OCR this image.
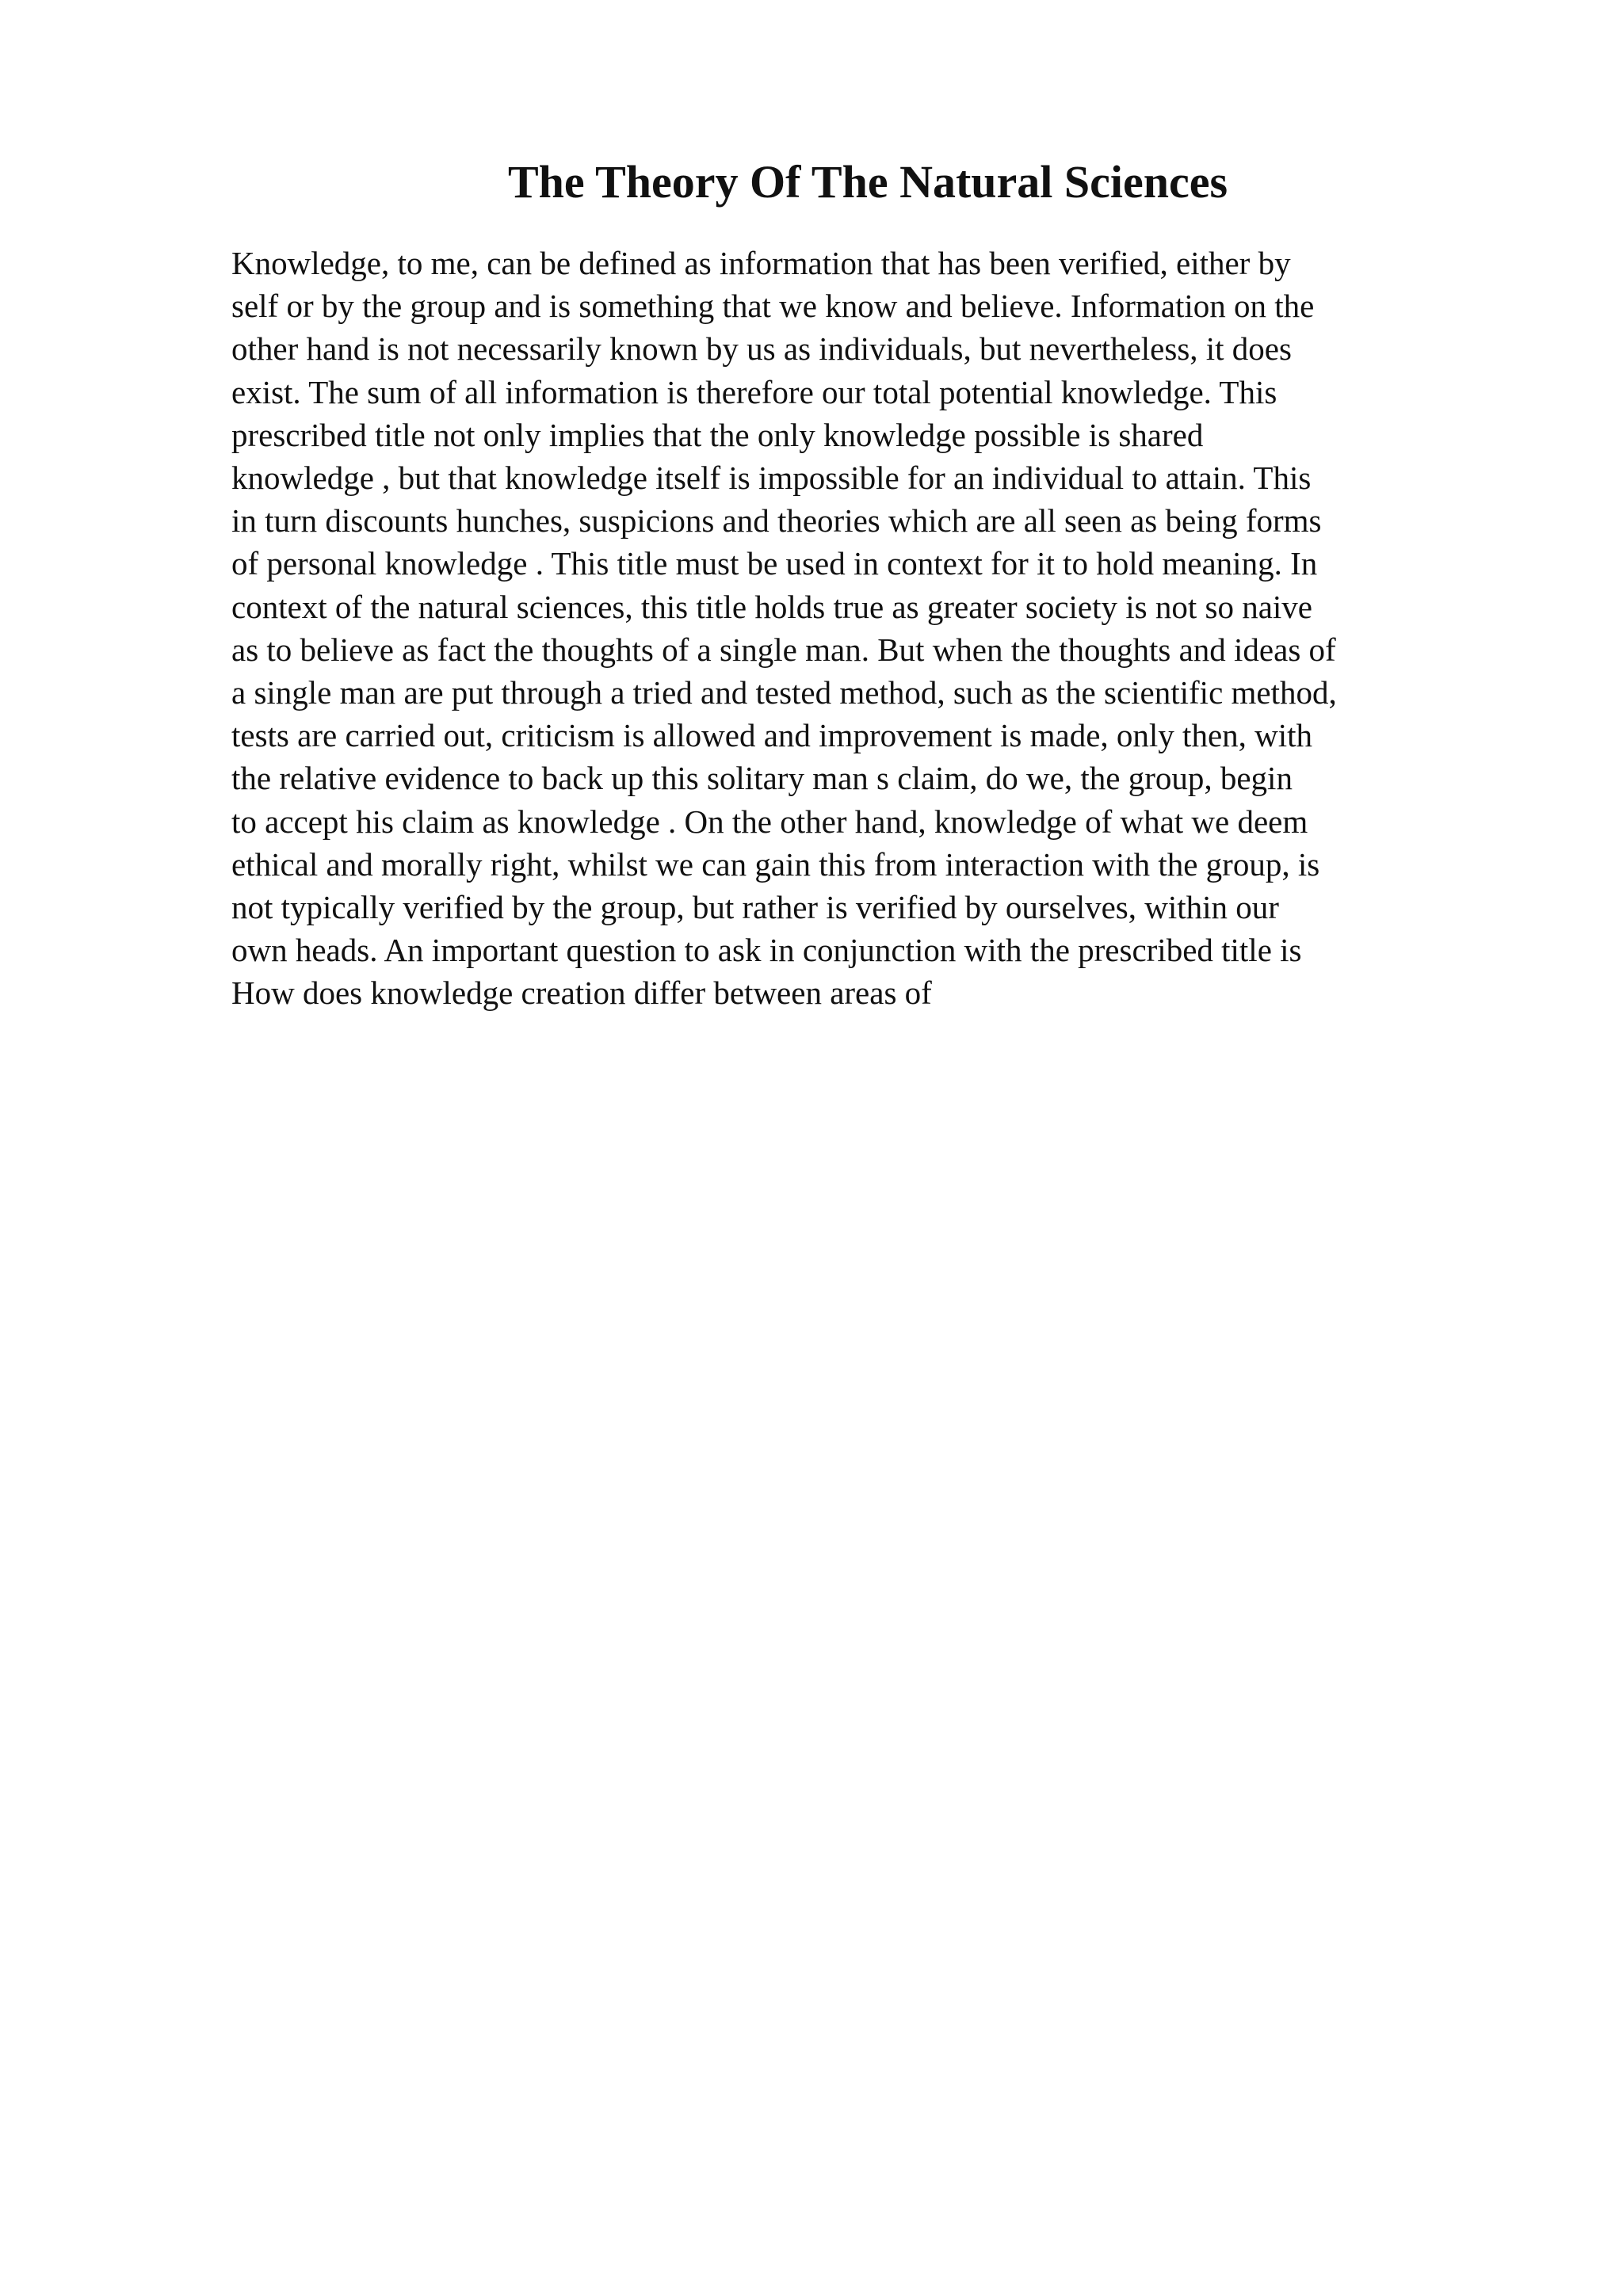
The Theory Of The Natural Sciences
Knowledge, to me, can be defined as information that has been verified, either by
self or by the group and is something that we know and believe. Information on the
other hand is not necessarily known by us as individuals, but nevertheless, it does
exist. The sum of all information is therefore our total potential knowledge. This
prescribed title not only implies that the only knowledge possible is shared
knowledge , but that knowledge itself is impossible for an individual to attain. This
in turn discounts hunches, suspicions and theories which are all seen as being forms
of personal knowledge . This title must be used in context for it to hold meaning. In
context of the natural sciences, this title holds true as greater society is not so naive
as to believe as fact the thoughts of a single man. But when the thoughts and ideas of
a single man are put through a tried and tested method, such as the scientific method,
tests are carried out, criticism is allowed and improvement is made, only then, with
the relative evidence to back up this solitary man s claim, do we, the group, begin
to accept his claim as knowledge . On the other hand, knowledge of what we deem
ethical and morally right, whilst we can gain this from interaction with the group, is
not typically verified by the group, but rather is verified by ourselves, within our
own heads. An important question to ask in conjunction with the prescribed title is
How does knowledge creation differ between areas of
